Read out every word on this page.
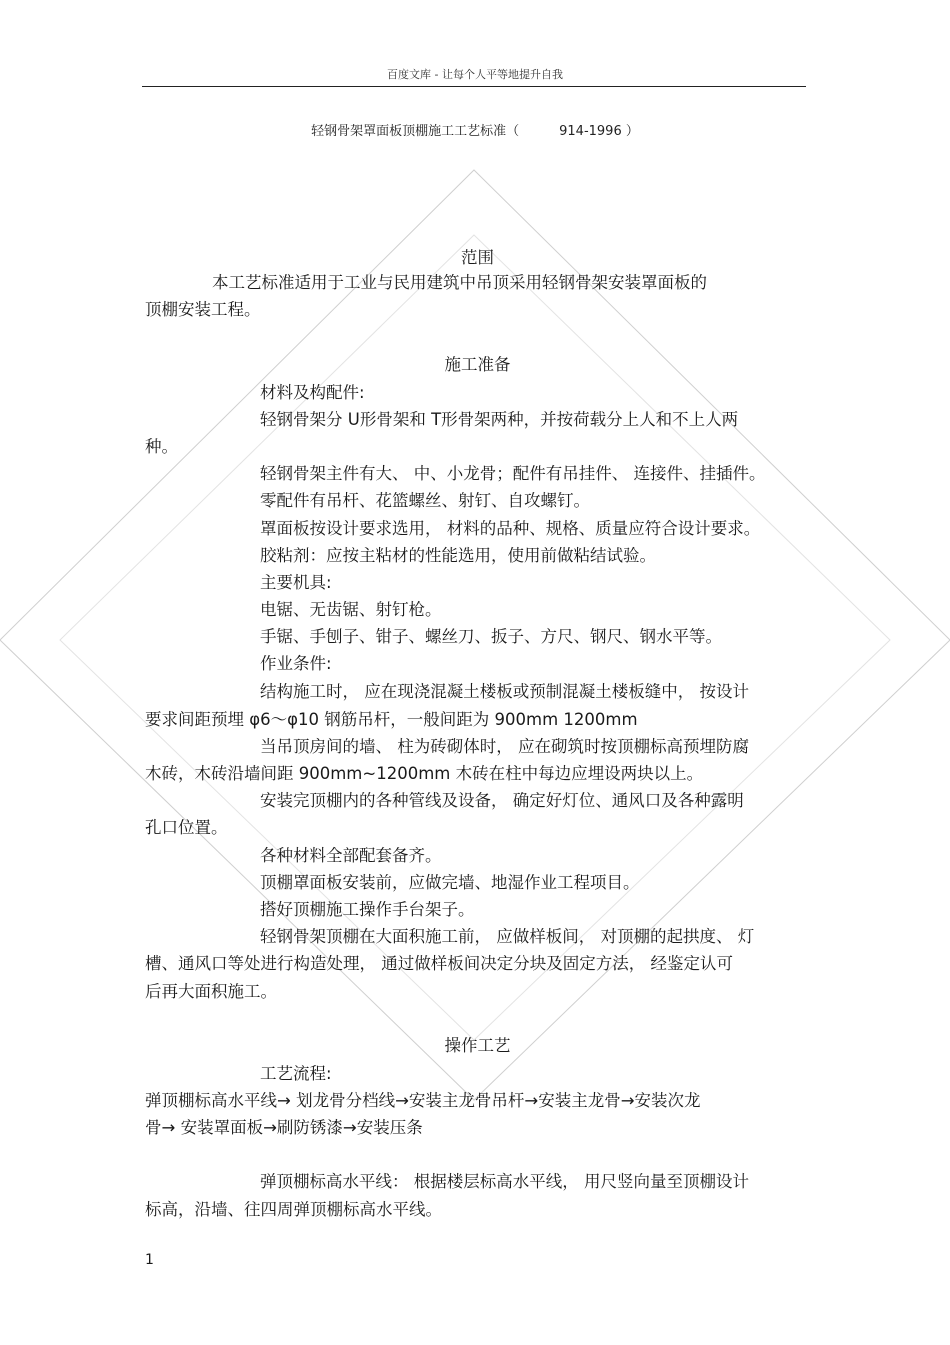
百度文库 - 让每个人平等地提升自我
轻钢骨架罩面板顶棚施工工艺标准（	914-1996 ）
范围
本工艺标准适用于工业与民用建筑中吊顶采用轻钢骨架安装罩面板的
顶棚安装工程。
施工准备
材料及构配件:
轻钢骨架分 U形骨架和 T形骨架两种，并按荷载分上人和不上人两
种。
轻钢骨架主件有大、 中、小龙骨；配件有吊挂件、 连接件、挂插件。
零配件有吊杆、花篮螺丝、射钉、自攻螺钉。
罩面板按设计要求选用， 材料的品种、规格、质量应符合设计要求。
胶粘剂：应按主粘材的性能选用，使用前做粘结试验。
主要机具:
电锯、无齿锯、射钉枪。
手锯、手刨子、钳子、螺丝刀、扳子、方尺、钢尺、钢水平等。
作业条件:
结构施工时， 应在现浇混凝土楼板或预制混凝土楼板缝中， 按设计
要求间距预埋 φ6～φ10 钢筋吊杆，一般间距为 900mm 1200mm
当吊顶房间的墙、 柱为砖砌体时， 应在砌筑时按顶棚标高预埋防腐
木砖，木砖沿墙间距 900mm~1200mm 木砖在柱中每边应埋设两块以上。
安装完顶棚内的各种管线及设备， 确定好灯位、通风口及各种露明
孔口位置。
各种材料全部配套备齐。
顶棚罩面板安装前，应做完墙、地湿作业工程项目。
搭好顶棚施工操作手台架子。
轻钢骨架顶棚在大面积施工前， 应做样板间， 对顶棚的起拱度、 灯
槽、通风口等处进行构造处理， 通过做样板间决定分块及固定方法， 经鉴定认可
后再大面积施工。
操作工艺
工艺流程:
弹顶棚标高水平线→ 划龙骨分档线→安装主龙骨吊杆→安装主龙骨→安装次龙
骨→ 安装罩面板→刷防锈漆→安装压条
弹顶棚标高水平线： 根据楼层标高水平线， 用尺竖向量至顶棚设计
标高，沿墙、往四周弹顶棚标高水平线。
1
